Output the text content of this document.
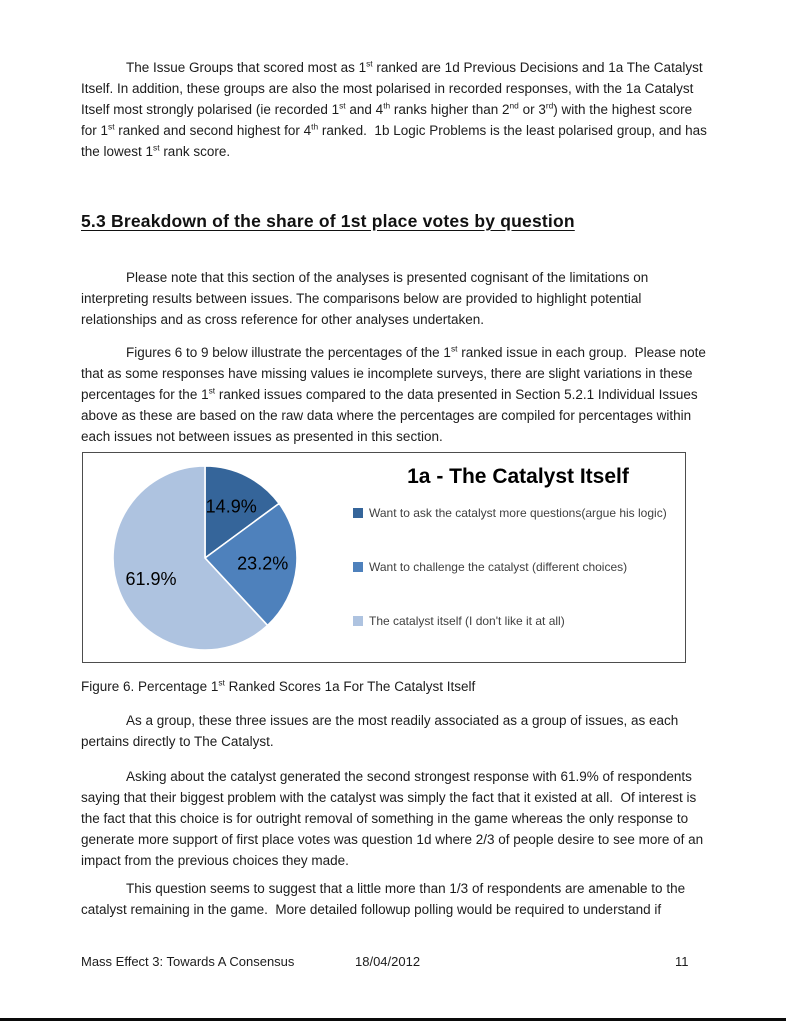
The Issue Groups that scored most as 1st ranked are 1d Previous Decisions and 1a The Catalyst Itself. In addition, these groups are also the most polarised in recorded responses, with the 1a Catalyst Itself most strongly polarised (ie recorded 1st and 4th ranks higher than 2nd or 3rd) with the highest score for 1st ranked and second highest for 4th ranked.  1b Logic Problems is the least polarised group, and has the lowest 1st rank score.
5.3 Breakdown of the share of 1st place votes by question
Please note that this section of the analyses is presented cognisant of the limitations on interpreting results between issues. The comparisons below are provided to highlight potential relationships and as cross reference for other analyses undertaken.
Figures 6 to 9 below illustrate the percentages of the 1st ranked issue in each group.  Please note that as some responses have missing values ie incomplete surveys, there are slight variations in these percentages for the 1st ranked issues compared to the data presented in Section 5.2.1 Individual Issues above as these are based on the raw data where the percentages are compiled for percentages within each issues not between issues as presented in this section.
14.9%
23.2%
61.9%
1a - The Catalyst Itself
Want to ask the catalyst more questions(argue his logic)
Want to challenge the catalyst (different choices)
The catalyst itself (I don't like it at all)
Figure 6. Percentage 1st Ranked Scores 1a For The Catalyst Itself
As a group, these three issues are the most readily associated as a group of issues, as each pertains directly to The Catalyst.
Asking about the catalyst generated the second strongest response with 61.9% of respondents saying that their biggest problem with the catalyst was simply the fact that it existed at all.  Of interest is the fact that this choice is for outright removal of something in the game whereas the only response to generate more support of first place votes was question 1d where 2/3 of people desire to see more of an impact from the previous choices they made.
This question seems to suggest that a little more than 1/3 of respondents are amenable to the catalyst remaining in the game.  More detailed followup polling would be required to understand if
Mass Effect 3: Towards A Consensus	18/04/2012	11
